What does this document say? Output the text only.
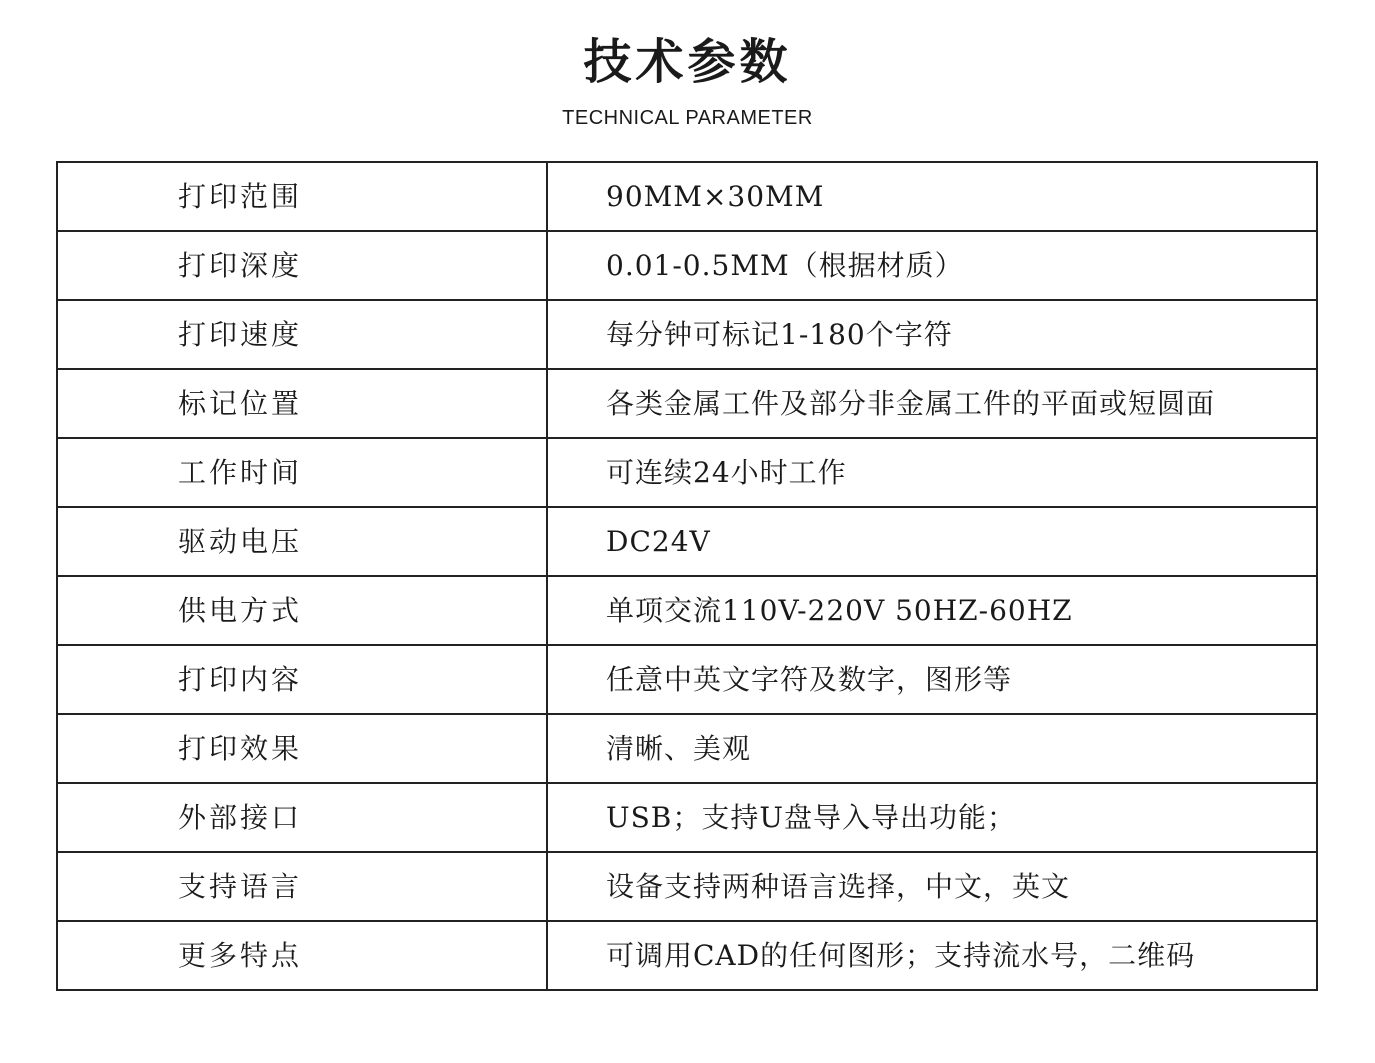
技术参数
TECHNICAL PARAMETER
打印范围	90MM×30MM
打印深度	0.01-0.5MM（根据材质）
打印速度	每分钟可标记1-180个字符
标记位置	各类金属工件及部分非金属工件的平面或短圆面
工作时间	可连续24小时工作
驱动电压	DC24V
供电方式	单项交流110V-220V 50HZ-60HZ
打印内容	任意中英文字符及数字，图形等
打印效果	清晰、美观
外部接口	USB；支持U盘导入导出功能；
支持语言	设备支持两种语言选择，中文，英文
更多特点	可调用CAD的任何图形；支持流水号，二维码
